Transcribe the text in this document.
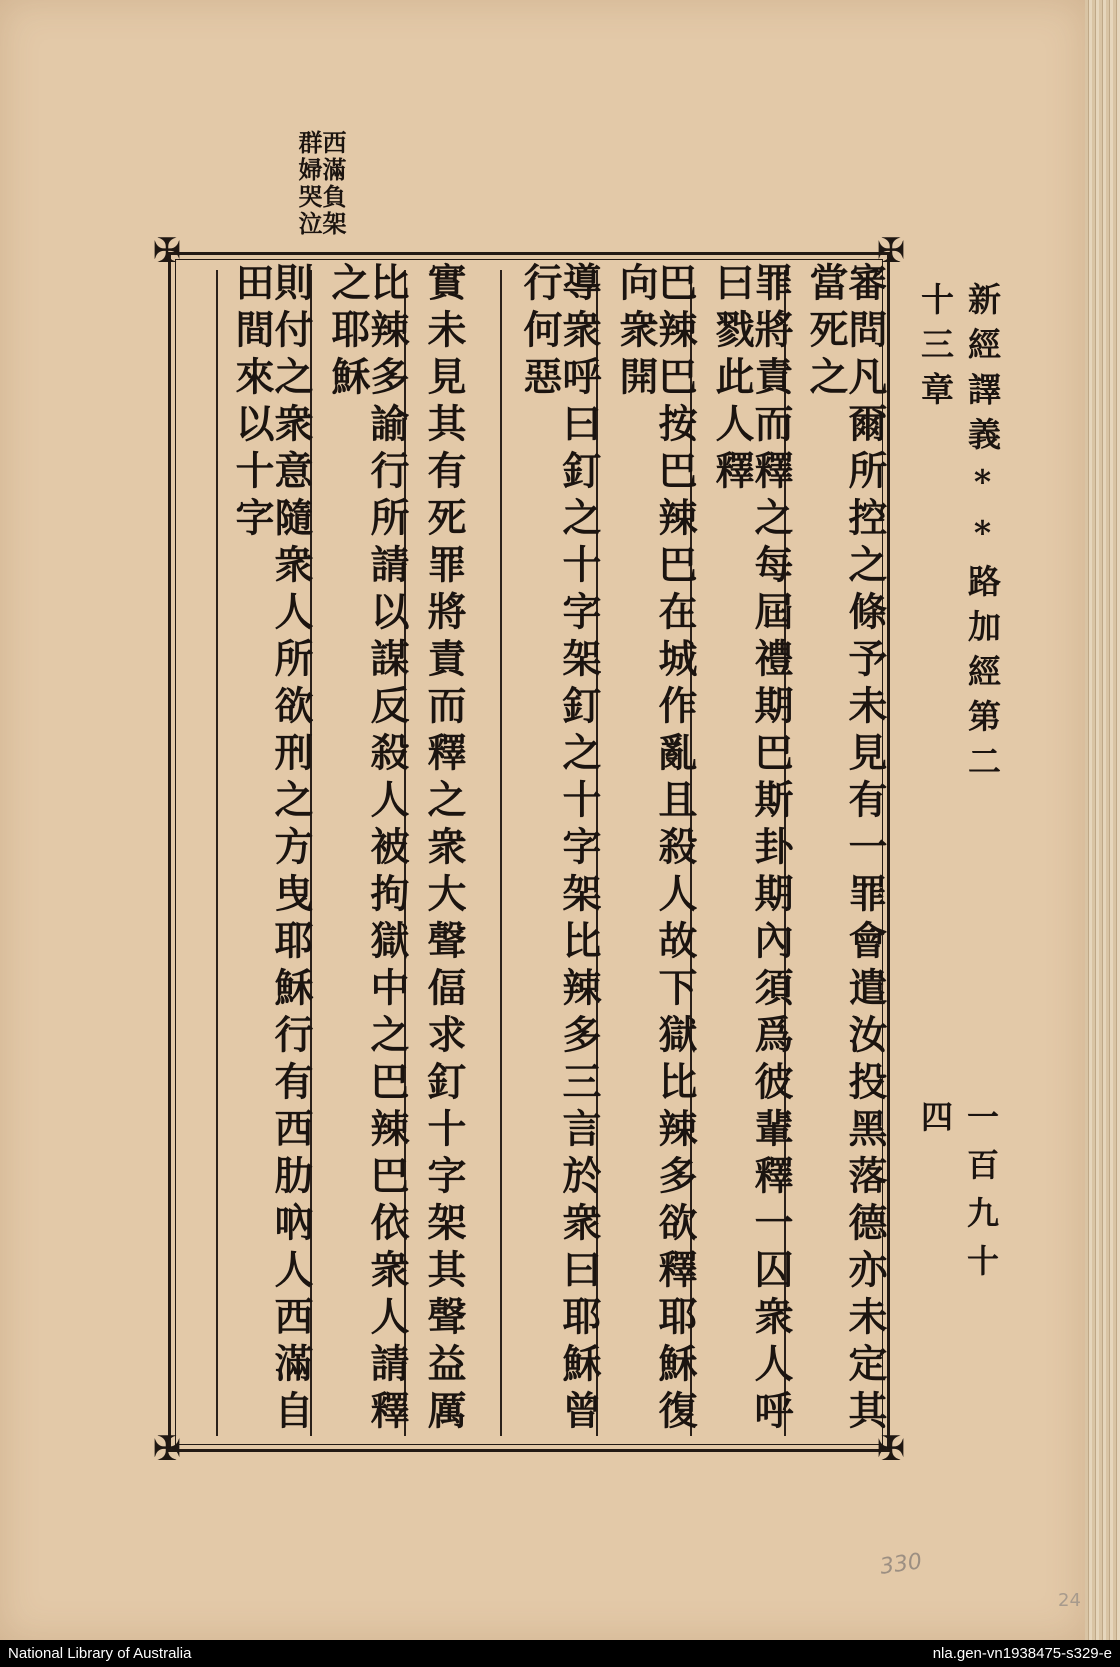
西滿負架群婦哭泣
✠	✠
✠	✠
新經譯義**路加經第二十三章
一百九十四
審問凡爾所控之條予未見有一罪會遣汝投黑落德亦未定其當死之
罪將責而釋之每屆禮期巴斯卦期內須爲彼輩釋一囚衆人呼曰戮此人釋
巴辣巴按巴辣巴在城作亂且殺人故下獄比辣多欲釋耶穌復向衆開
導衆呼曰釘之十字架釘之十字架比辣多三言於衆曰耶穌曾行何惡
實未見其有死罪將責而釋之衆大聲偪求釘十字架其聲益厲
比辣多諭行所請以謀反殺人被拘獄中之巴辣巴依衆人請釋之耶穌
則付之衆意隨衆人所欲刑之方曳耶穌行有西肋吶人西滿自田間來以十字
330
24
National Library of Australia	nla.gen-vn1938475-s329-e
